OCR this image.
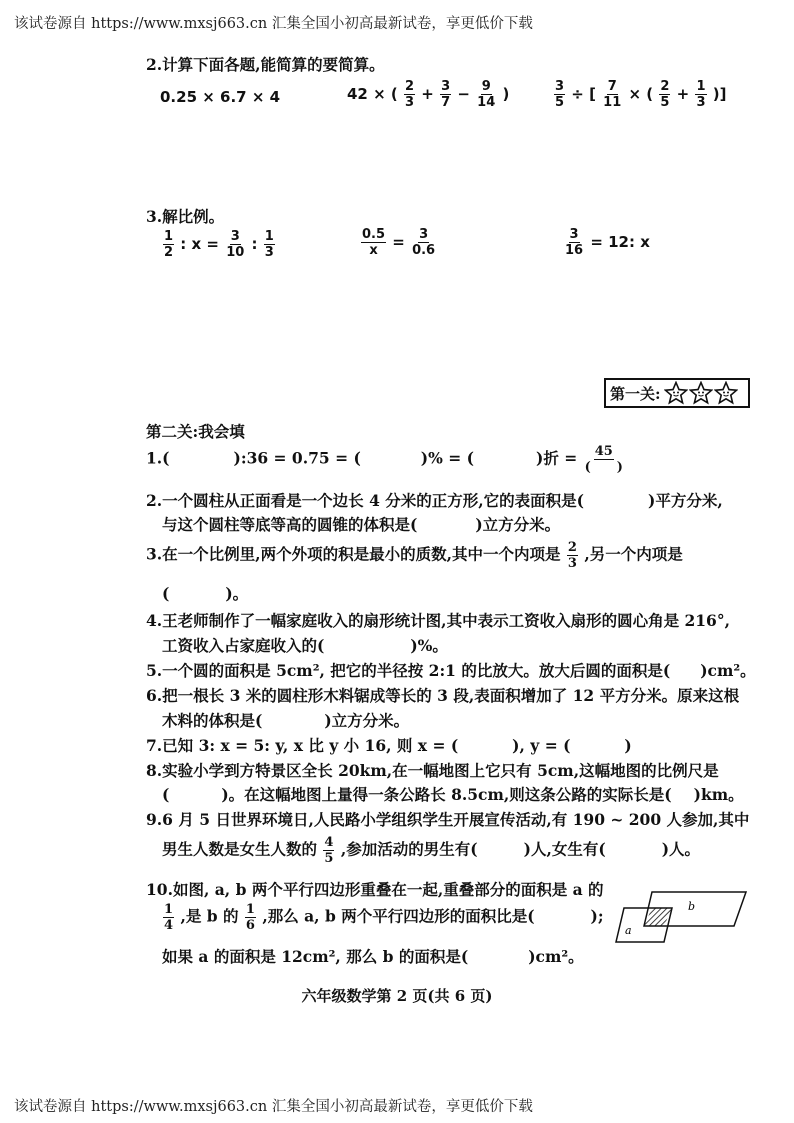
该试卷源自 https://www.mxsj663.cn 汇集全国小初高最新试卷，享更低价下载
该试卷源自 https://www.mxsj663.cn 汇集全国小初高最新试卷，享更低价下载
2.计算下面各题,能简算的要简算。
0.25 × 6.7 × 4	42 × ( $\frac{2}{3} + \frac{3}{7} - \frac{9}{14}$ )	$\frac{3}{5}$ ÷ [ $\frac{7}{11}$ × ( $\frac{2}{5} + \frac{1}{3}$ )]
3.解比例。
$\frac{1}{2}$ : $x = \frac{3}{10}$ : $\frac{1}{3}$	$\frac{0.5}{x} = \frac{3}{0.6}$	$\frac{3}{16} = 12$: x
第一关:
第二关:我会填
1.(	):36 = 0.75 = (	)% = (	)折 = $\frac{45}{( )}$
2.一个圆柱从正面看是一个边长 4 分米的正方形,它的表面积是(	)平方分米,
与这个圆柱等底等高的圆锥的体积是(	)立方分米。
3.在一个比例里,两个外项的积是最小的质数,其中一个内项是 $\frac{2}{3}$ ,另一个内项是
(	)。
4.王老师制作了一幅家庭收入的扇形统计图,其中表示工资收入扇形的圆心角是 216°,
工资收入占家庭收入的(	)%。
5.一个圆的面积是 5cm², 把它的半径按 2:1 的比放大。放大后圆的面积是( )cm²。
6.把一根长 3 米的圆柱形木料锯成等长的 3 段,表面积增加了 12 平方分米。原来这根
木料的体积是(	)立方分米。
7.已知 3: x = 5: y, x 比 y 小 16, 则 x = (	), y = (	)
8.实验小学到方特景区全长 20km,在一幅地图上它只有 5cm,这幅地图的比例尺是
(	)。在这幅地图上量得一条公路长 8.5cm,则这条公路的实际长是( )km。
9.6 月 5 日世界环境日,人民路小学组织学生开展宣传活动,有 190 ~ 200 人参加,其中
男生人数是女生人数的 $\frac{4}{5}$ ,参加活动的男生有(	)人,女生有(	)人。
10.如图, a, b 两个平行四边形重叠在一起,重叠部分的面积是 a 的
$\frac{1}{4}$ ,是 b 的 $\frac{1}{6}$ ,那么 a, b 两个平行四边形的面积比是(	);
如果 a 的面积是 12cm², 那么 b 的面积是(	)cm²。
a
b
六年级数学第 2 页(共 6 页)
